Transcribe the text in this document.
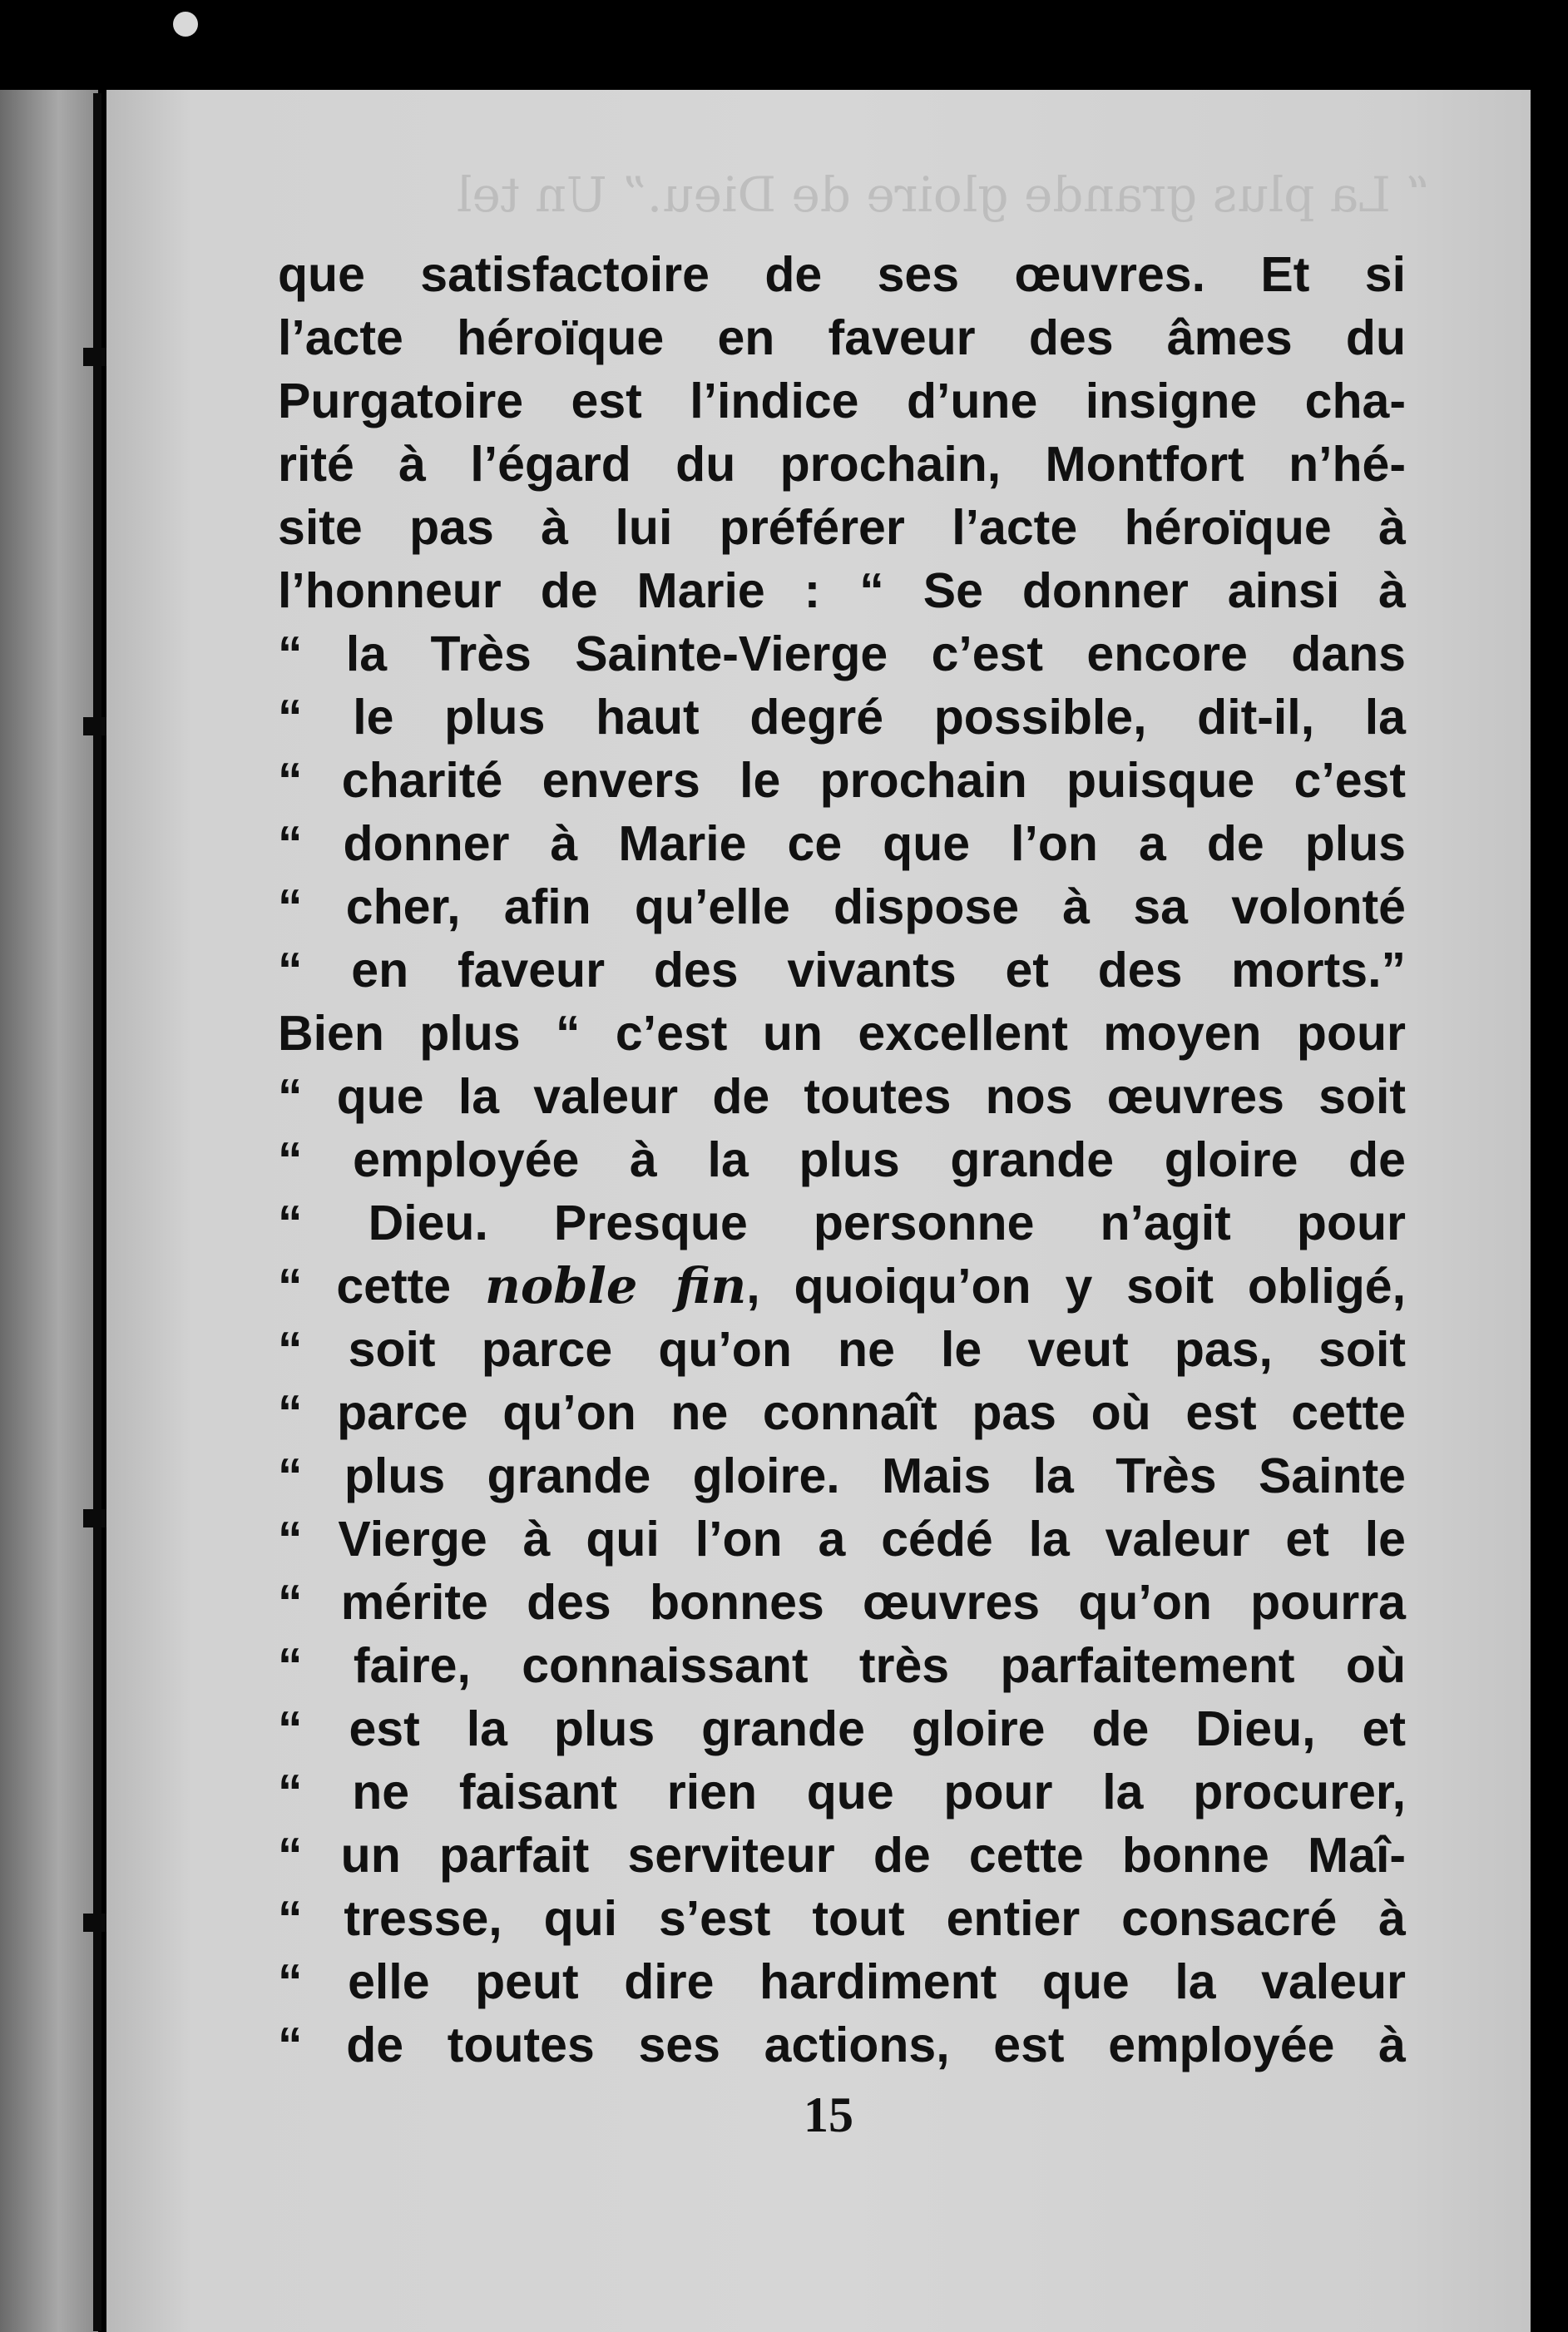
“ La plus grande gloire de Dieu.” Un tel
que satisfactoire de ses œuvres. Et si
l’acte héroïque en faveur des âmes du
Purgatoire est l’indice d’une insigne cha-
rité à l’égard du prochain, Montfort n’hé-
site pas à lui préférer l’acte héroïque à
l’honneur de Marie : “ Se donner ainsi à
“ la Très Sainte-Vierge c’est encore dans
“ le plus haut degré possible, dit-il, la
“ charité envers le prochain puisque c’est
“ donner à Marie ce que l’on a de plus
“ cher, afin qu’elle dispose à sa volonté
“ en faveur des vivants et des morts.”
Bien plus “ c’est un excellent moyen pour
“ que la valeur de toutes nos œuvres soit
“ employée à la plus grande gloire de
“ Dieu. Presque personne n’agit pour
“ cette noble fin, quoiqu’on y soit obligé,
“ soit parce qu’on ne le veut pas, soit
“ parce qu’on ne connaît pas où est cette
“ plus grande gloire. Mais la Très Sainte
“ Vierge à qui l’on a cédé la valeur et le
“ mérite des bonnes œuvres qu’on pourra
“ faire, connaissant très parfaitement où
“ est la plus grande gloire de Dieu, et
“ ne faisant rien que pour la procurer,
“ un parfait serviteur de cette bonne Maî-
“ tresse, qui s’est tout entier consacré à
“ elle peut dire hardiment que la valeur
“ de toutes ses actions, est employée à
15
